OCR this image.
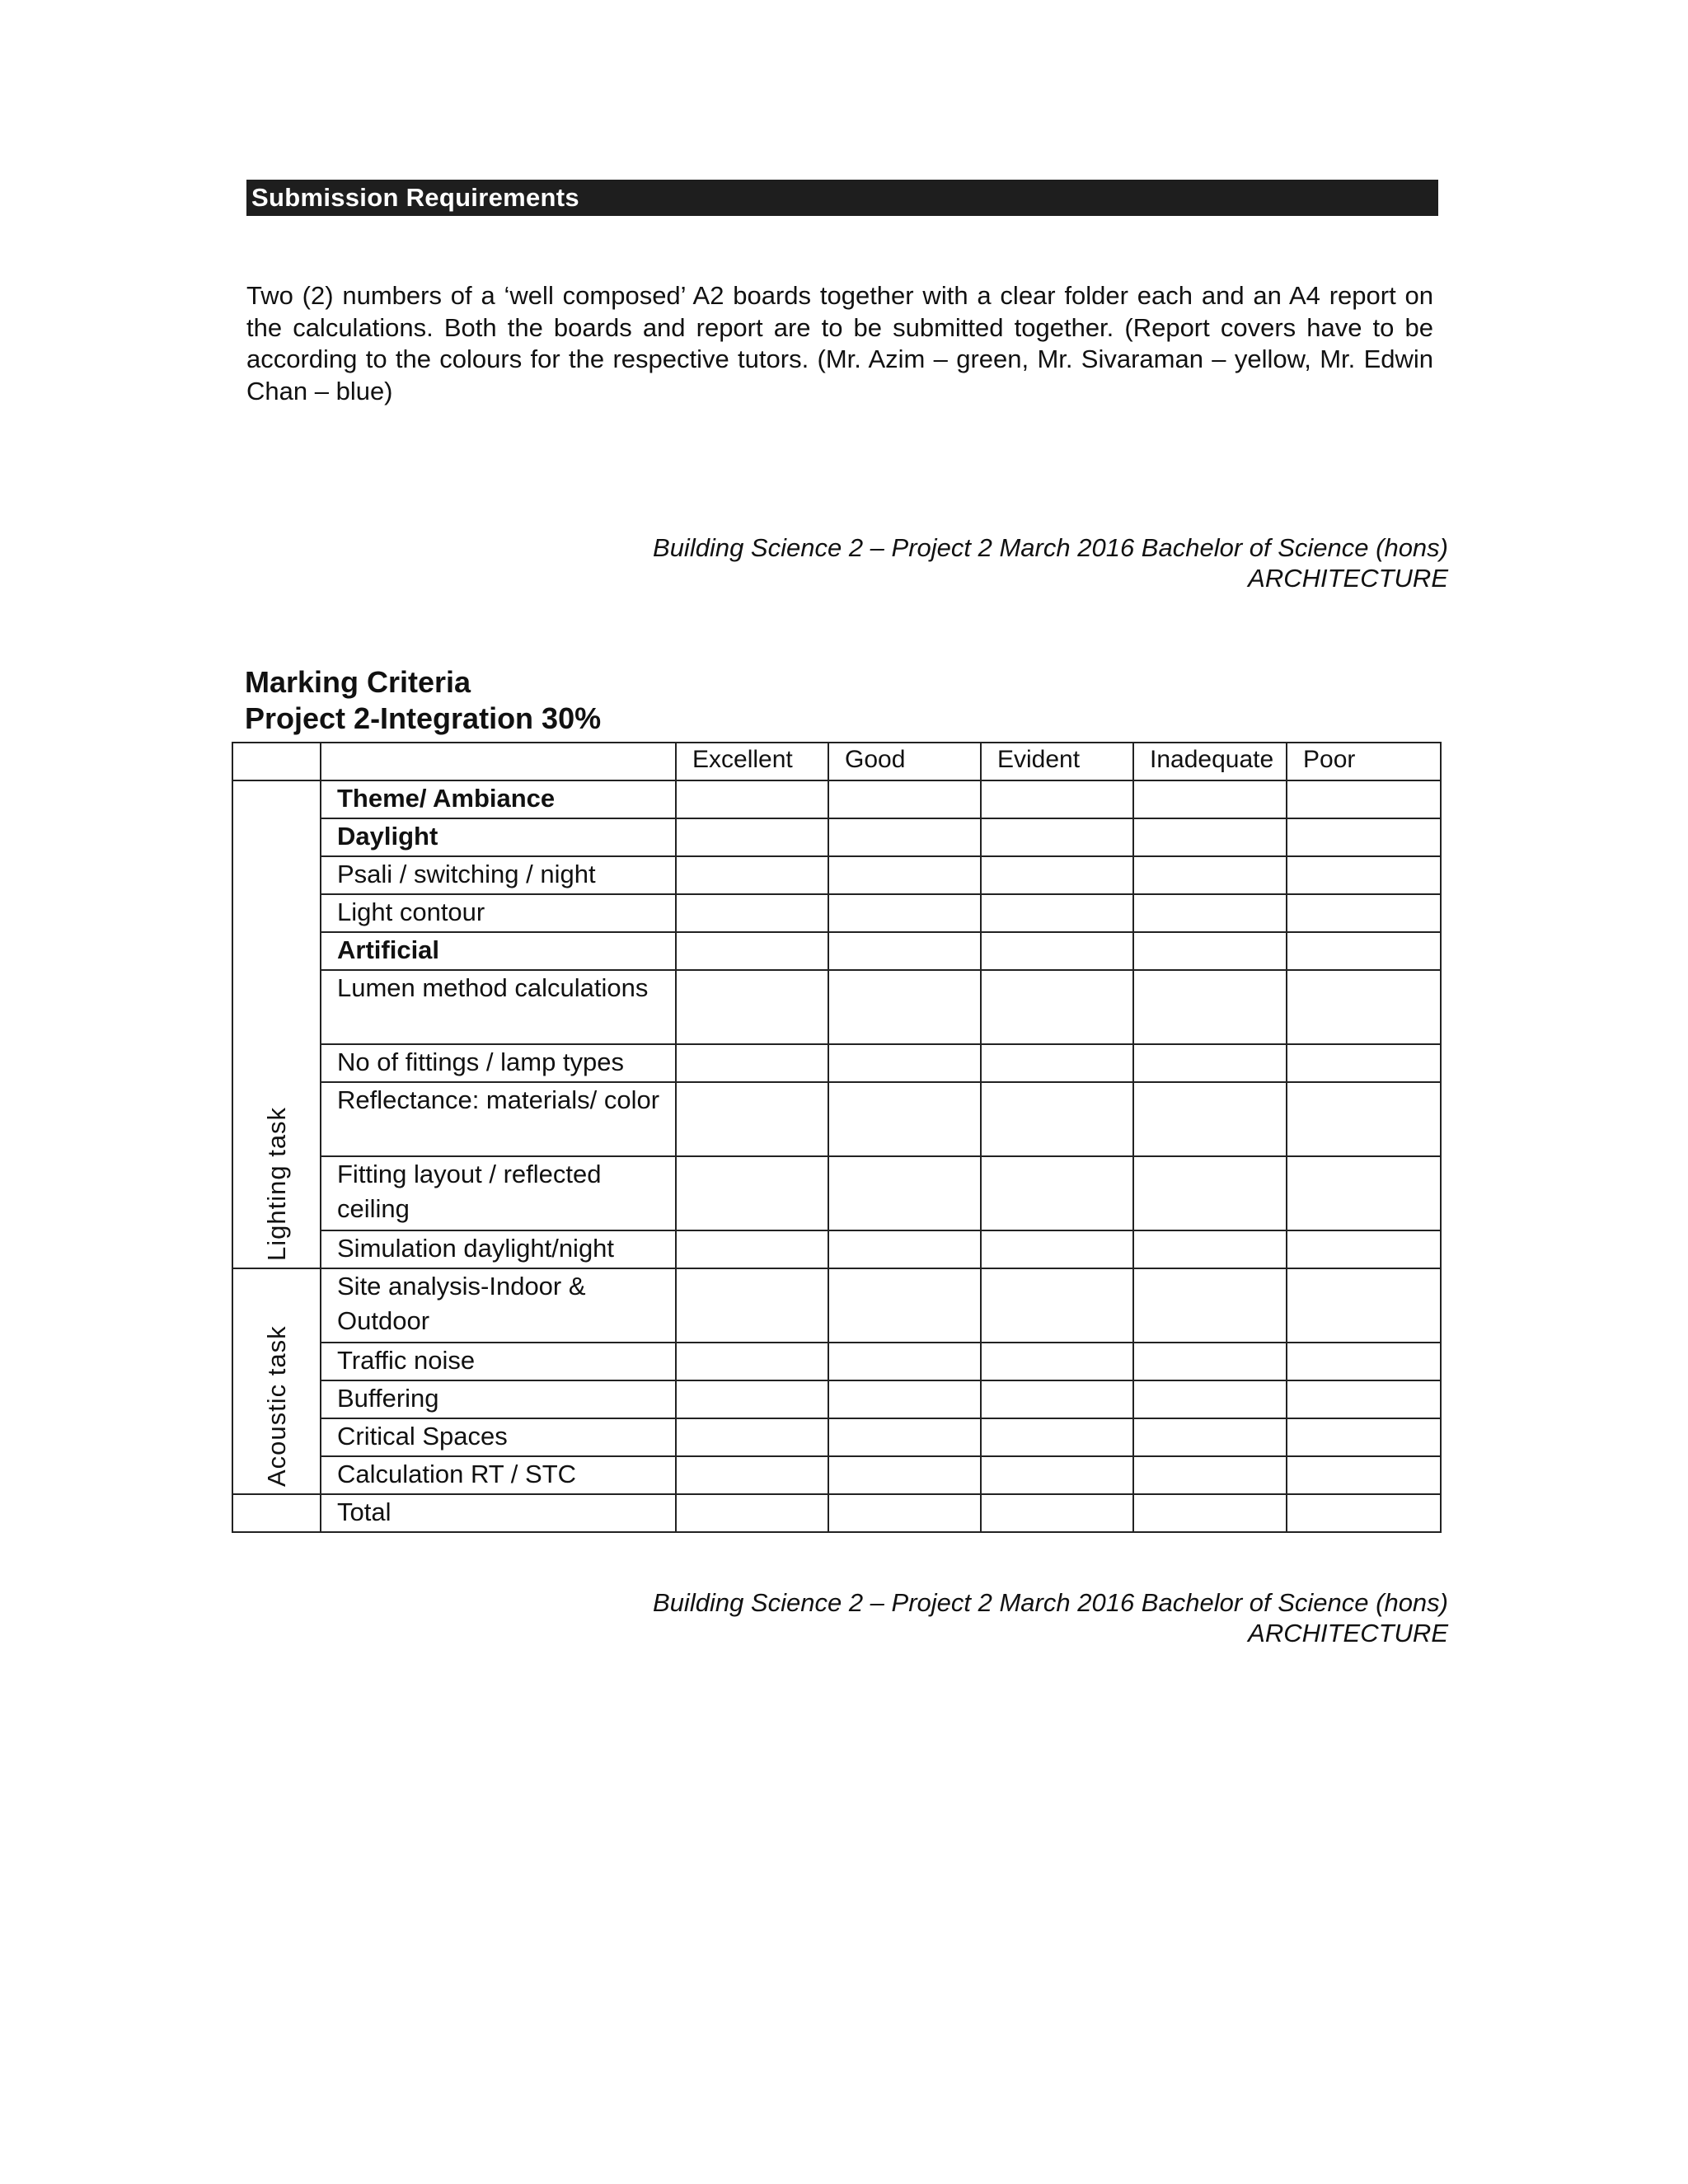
Submission Requirements
Two (2) numbers of a ‘well composed’ A2 boards together with a clear folder each and an A4 report on the calculations. Both the boards and report are to be submitted together. (Report covers have to be according to the colours for the respective tutors. (Mr. Azim – green, Mr. Sivaraman – yellow, Mr. Edwin Chan – blue)
Building Science 2 – Project 2 March 2016 Bachelor of Science (hons)
ARCHITECTURE
Marking Criteria
Project 2-Integration 30%
		Excellent	Good	Evident	Inadequate	Poor

Lighting task	Theme/ Ambiance					
	Daylight					
	Psali / switching / night					
	Light contour					
	Artificial					
	Lumen method calculations					
	No of fittings / lamp types					
	Reflectance: materials/ color					
	Fitting layout / reflected ceiling					
	Simulation daylight/night					

Acoustic task	Site analysis-Indoor & Outdoor					
	Traffic noise					
	Buffering					
	Critical Spaces					
	Calculation RT / STC					
	Total					
Building Science 2 – Project 2 March 2016 Bachelor of Science (hons)
ARCHITECTURE
